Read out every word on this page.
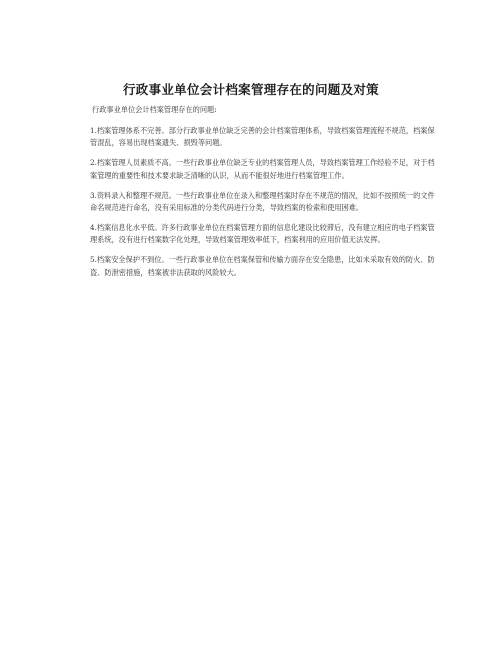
行政事业单位会计档案管理存在的问题及对策

行政事业单位会计档案管理存在的问题:

1.档案管理体系不完善。部分行政事业单位缺乏完善的会计档案管理体系，导致档案管理流程不规范，档案保管混乱，容易出现档案遗失、损毁等问题。

2.档案管理人员素质不高。一些行政事业单位缺乏专业的档案管理人员，导致档案管理工作经验不足，对于档案管理的重要性和技术要求缺乏清晰的认识，从而不能很好地进行档案管理工作。

3.资料录入和整理不规范。一些行政事业单位在录入和整理档案时存在不规范的情况，比如不按照统一的文件命名规范进行命名，没有采用标准的分类代码进行分类，导致档案的检索和使用困难。

4.档案信息化水平低。许多行政事业单位在档案管理方面的信息化建设比较滞后，没有建立相应的电子档案管理系统，没有进行档案数字化处理，导致档案管理效率低下，档案利用的应用价值无法发挥。

5.档案安全保护不到位。一些行政事业单位在档案保管和传输方面存在安全隐患，比如未采取有效的防火、防盗、防泄密措施，档案被非法获取的风险较大。
